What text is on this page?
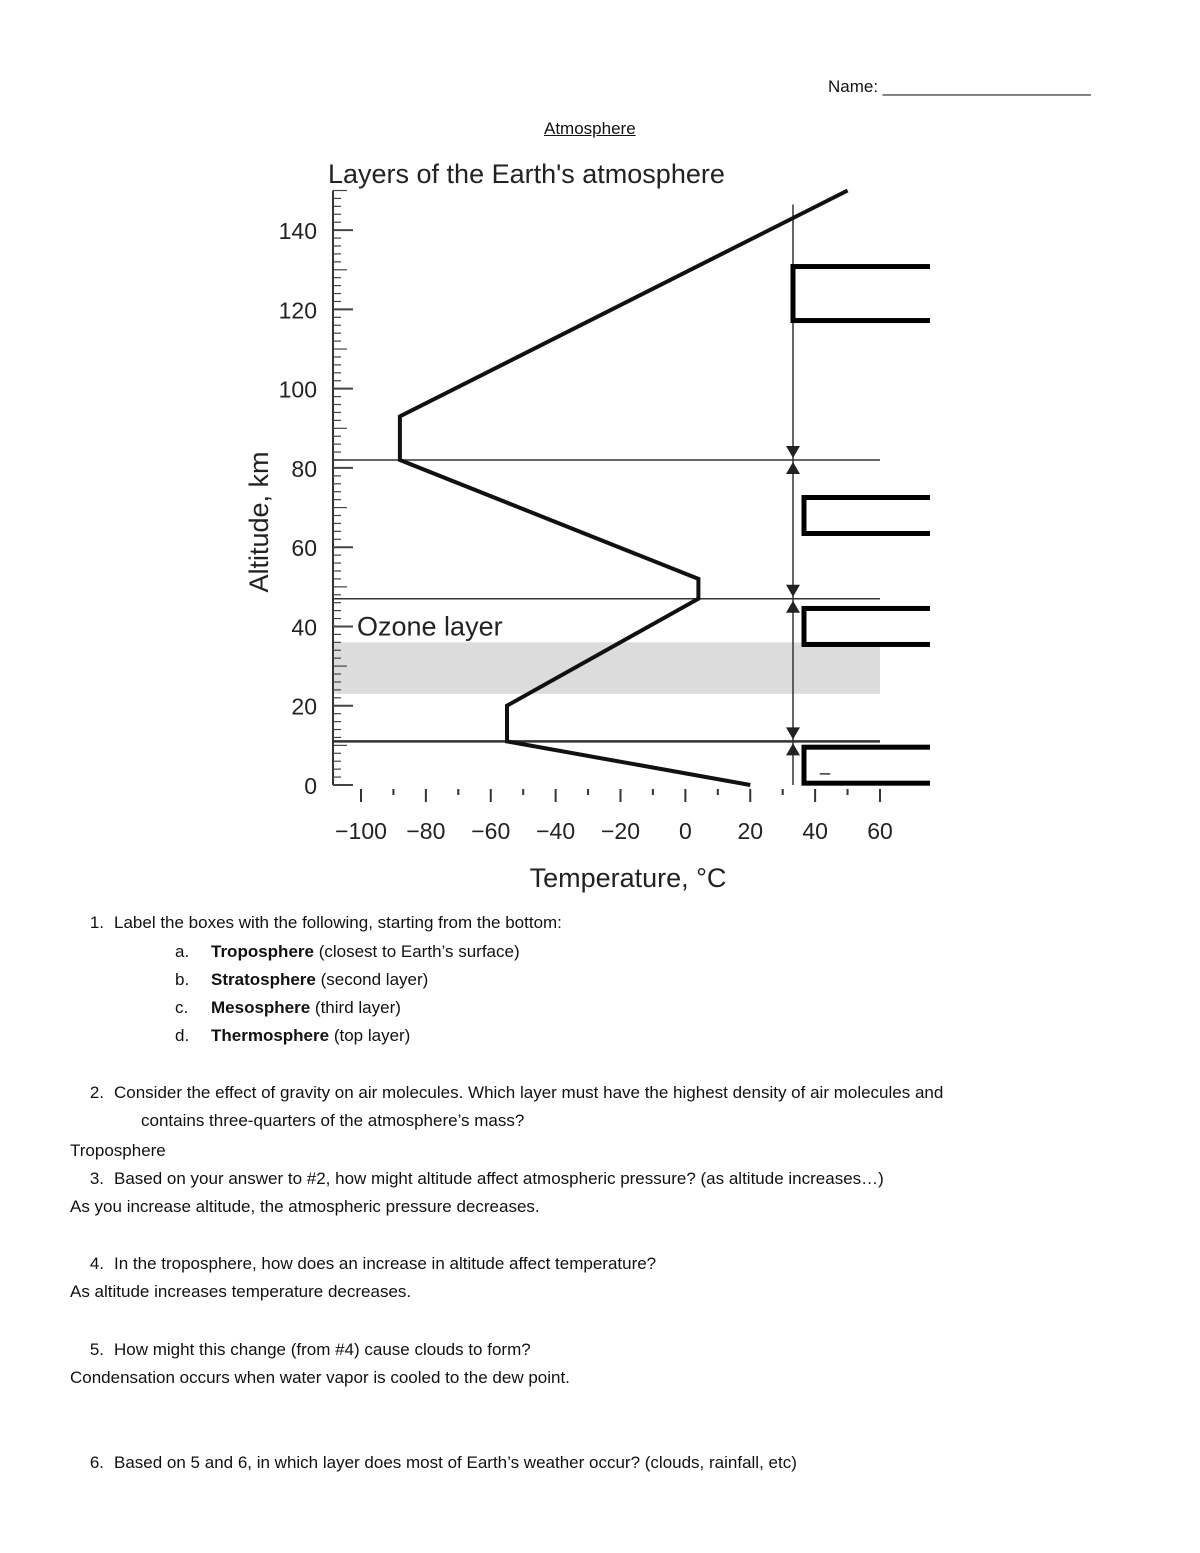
Name: ______________________
Atmosphere
Layers of the Earth's atmosphere
Altitude, km
Temperature, °C
0
20
40
60
80
100
120
140
−100 −80 −60 −40 −20 0 20 40 60
Ozone layer
_
1. Label the boxes with the following, starting from the bottom:
a. Troposphere (closest to Earth’s surface)
b. Stratosphere (second layer)
c. Mesosphere (third layer)
d. Thermosphere (top layer)
2. Consider the effect of gravity on air molecules. Which layer must have the highest density of air molecules and
contains three-quarters of the atmosphere’s mass?
Troposphere
3. Based on your answer to #2, how might altitude affect atmospheric pressure? (as altitude increases…)
As you increase altitude, the atmospheric pressure decreases.
4. In the troposphere, how does an increase in altitude affect temperature?
As altitude increases temperature decreases.
5. How might this change (from #4) cause clouds to form?
Condensation occurs when water vapor is cooled to the dew point.
6. Based on 5 and 6, in which layer does most of Earth’s weather occur? (clouds, rainfall, etc)
